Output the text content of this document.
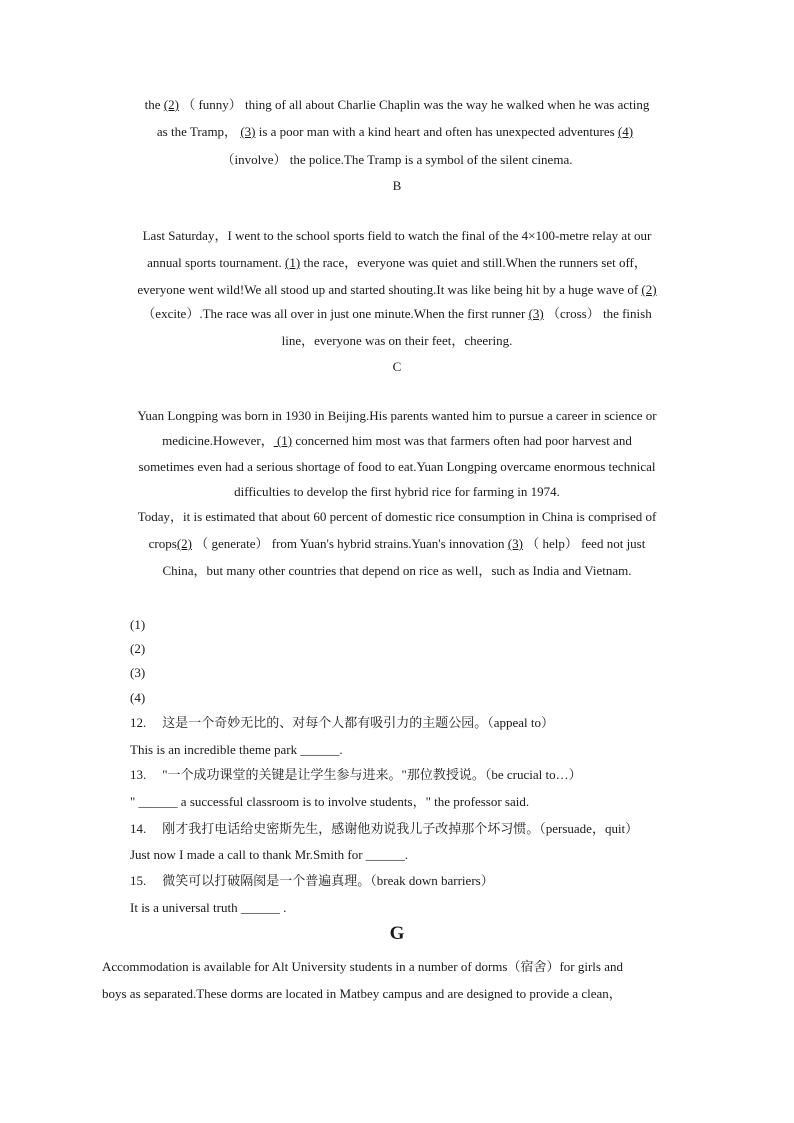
the (2) （ funny） thing of all about Charlie Chaplin was the way he walked when he was acting
as the Tramp， (3) is a poor man with a kind heart and often has unexpected adventures (4)
（involve） the police.The Tramp is a symbol of the silent cinema.
B
Last Saturday，I went to the school sports field to watch the final of the 4×100-metre relay at our
annual sports tournament. (1) the race，everyone was quiet and still.When the runners set off，
everyone went wild!We all stood up and started shouting.It was like being hit by a huge wave of (2)
（excite）.The race was all over in just one minute.When the first runner (3) （cross） the finish
line，everyone was on their feet，cheering.
C
Yuan Longping was born in 1930 in Beijing.His parents wanted him to pursue a career in science or
medicine.However， (1) concerned him most was that farmers often had poor harvest and
sometimes even had a serious shortage of food to eat.Yuan Longping overcame enormous technical
difficulties to develop the first hybrid rice for farming in 1974.
Today，it is estimated that about 60 percent of domestic rice consumption in China is comprised of
crops(2) （ generate） from Yuan's hybrid strains.Yuan's innovation (3) （ help） feed not just
China，but many other countries that depend on rice as well，such as India and Vietnam.
(1)
(2)
(3)
(4)
12. 这是一个奇妙无比的、对每个人都有吸引力的主题公园。（appeal to）
This is an incredible theme park ______.
13. "一个成功课堂的关键是让学生参与进来。"那位教授说。（be crucial to…）
" ______ a successful classroom is to involve students，" the professor said.
14. 刚才我打电话给史密斯先生，感谢他劝说我儿子改掉那个坏习惯。（persuade，quit）
Just now I made a call to thank Mr.Smith for ______.
15. 微笑可以打破隔阂是一个普遍真理。（break down barriers）
It is a universal truth ______ .
G
Accommodation is available for Alt University students in a number of dorms（宿舍）for girls and
boys as separated.These dorms are located in Matbey campus and are designed to provide a clean，
